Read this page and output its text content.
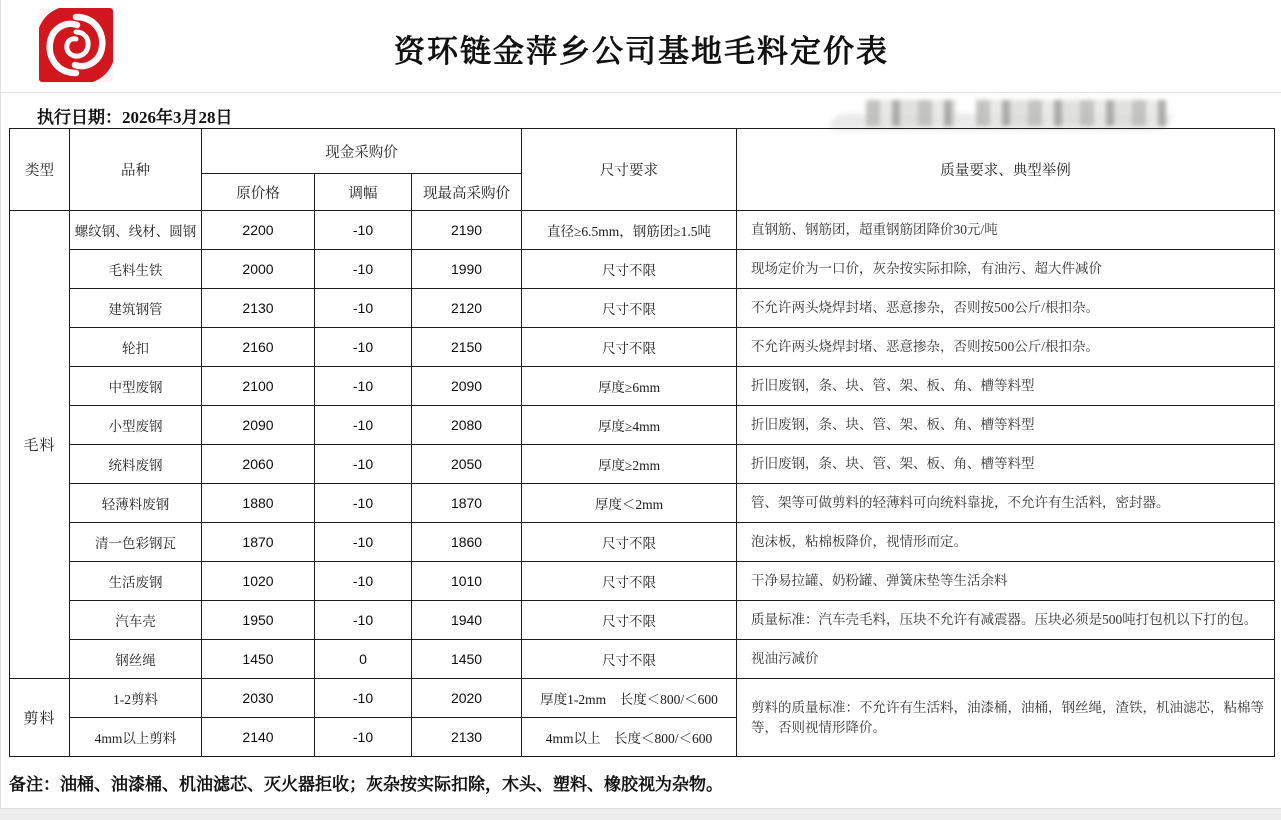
资环链金萍乡公司基地毛料定价表
执行日期：2026年3月28日
类型	品种	现金采购价			尺寸要求	质量要求、典型举例
		原价格	调幅	现最高采购价		
毛料	螺纹钢、线材、圆钢	2200	-10	2190	直径≥6.5mm，钢筋团≥1.5吨	直钢筋、钢筋团，超重钢筋团降价30元/吨
	毛料生铁	2000	-10	1990	尺寸不限	现场定价为一口价，灰杂按实际扣除，有油污、超大件减价
	建筑钢管	2130	-10	2120	尺寸不限	不允许两头烧焊封堵、恶意掺杂，否则按500公斤/根扣杂。
	轮扣	2160	-10	2150	尺寸不限	不允许两头烧焊封堵、恶意掺杂，否则按500公斤/根扣杂。
	中型废钢	2100	-10	2090	厚度≥6mm	折旧废钢，条、块、管、架、板、角、槽等料型
	小型废钢	2090	-10	2080	厚度≥4mm	折旧废钢，条、块、管、架、板、角、槽等料型
	统料废钢	2060	-10	2050	厚度≥2mm	折旧废钢，条、块、管、架、板、角、槽等料型
	轻薄料废钢	1880	-10	1870	厚度＜2mm	管、架等可做剪料的轻薄料可向统料靠拢，不允许有生活料，密封器。
	清一色彩钢瓦	1870	-10	1860	尺寸不限	泡沫板，粘棉板降价，视情形而定。
	生活废钢	1020	-10	1010	尺寸不限	干净易拉罐、奶粉罐、弹簧床垫等生活余料
	汽车壳	1950	-10	1940	尺寸不限	质量标准：汽车壳毛料，压块不允许有减震器。压块必须是500吨打包机以下打的包。
	钢丝绳	1450	0	1450	尺寸不限	视油污减价
剪料	1-2剪料	2030	-10	2020	厚度1-2mm　长度＜800/＜600	剪料的质量标准：不允许有生活料，油漆桶，油桶，钢丝绳，渣铁，机油滤芯，粘棉等等，否则视情形降价。
	4mm以上剪料	2140	-10	2130	4mm以上　长度＜800/＜600	
备注：油桶、油漆桶、机油滤芯、灭火器拒收；灰杂按实际扣除，木头、塑料、橡胶视为杂物。
